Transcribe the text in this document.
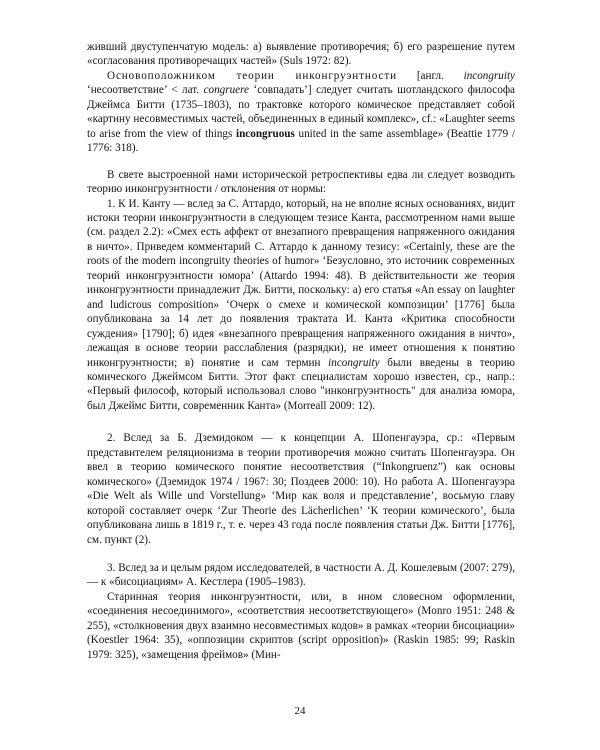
живший двуступенчатую модель: а) выявление противоречия; б) его разрешение путем «согласования противоречащих частей» (Suls 1972: 82).

Основоположником теории инконгруэнтности [англ. incongruity ‘несоответствие’ < лат. congruere ‘совпадать’] следует считать шотландского философа Джеймса Битти (1735–1803), по трактовке которого комическое представляет собой «картину несовместимых частей, объединенных в единый комплекс», cf.: «Laughter seems to arise from the view of things incongruous united in the same assemblage» (Beattie 1779 / 1776: 318).

В свете выстроенной нами исторической ретроспективы едва ли следует возводить теорию инконгруэнтности / отклонения от нормы:

1. К И. Канту — вслед за С. Аттардо, который, на не вполне ясных основаниях, видит истоки теории инконгруэнтности в следующем тезисе Канта, рассмотренном нами выше (см. раздел 2.2): «Смех есть аффект от внезапного превращения напряженного ожидания в ничто». Приведем комментарий С. Аттардо к данному тезису: «Certainly, these are the roots of the modern incongruity theories of humor» ‘Безусловно, это источник современных теорий инконгруэнтности юмора’ (Attardo 1994: 48). В действительности же теория инконгруэнтности принадлежит Дж. Битти, поскольку: а) его статья «An essay on laughter and ludicrous composition» ‘Очерк о смехе и комической композиции’ [1776] была опубликована за 14 лет до появления трактата И. Канта «Критика способности суждения» [1790]; б) идея «внезапного превращения напряженного ожидания в ничто», лежащая в основе теории расслабления (разрядки), не имеет отношения к понятию инконгруэнтности; в) понятие и сам термин incongruity были введены в теорию комического Джеймсом Битти. Этот факт специалистам хорошо известен, ср., напр.: «Первый философ, который использовал слово "инконгруэнтность" для анализа юмора, был Джеймс Битти, современник Канта» (Morreall 2009: 12).

2. Вслед за Б. Дземидоком — к концепции А. Шопенгауэра, ср.: «Первым представителем реляционизма в теории противоречия можно считать Шопенгауэра. Он ввел в теорию комического понятие несоответствия (“Inkongruenz”) как основы комического» (Дземидок 1974 / 1967: 30; Поздеев 2000: 10). Но работа А. Шопенгауэра «Die Welt als Wille und Vorstellung» ‘Мир как воля и представление’, восьмую главу которой составляет очерк ‘Zur Theorie des Lächerlichen’ ‘К теории комического’, была опубликована лишь в 1819 г., т. е. через 43 года после появления статьи Дж. Битти [1776], см. пункт (2).

3. Вслед за и целым рядом исследователей, в частности А. Д. Кошелевым (2007: 279), — к «бисоциациям» А. Кестлера (1905–1983).

Старинная теория инконгруэнтности, или, в ином словесном оформлении, «соединения несоединимого», «соответствия несоответствующего» (Monro 1951: 248 & 255), «столкновения двух взаимно несовместимых кодов» в рамках «теории бисоциации» (Koestler 1964: 35), «оппозиции скриптов (script opposition)» (Raskin 1985: 99; Raskin 1979: 325), «замещения фреймов» (Мин-

24
